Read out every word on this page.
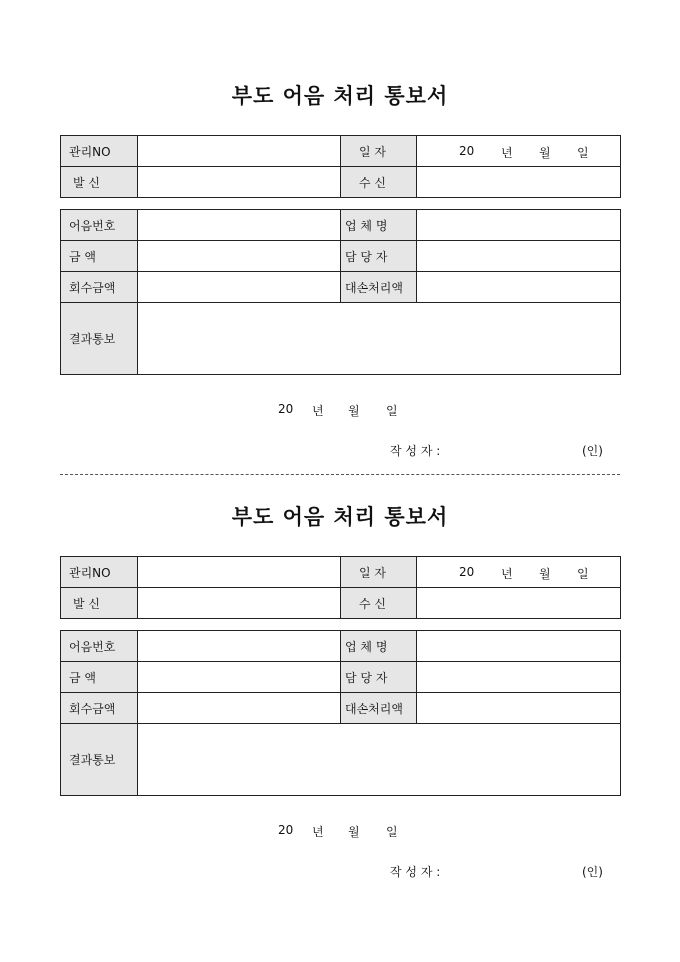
부도 어음 처리 통보서
관리NO		일 자	20 년 월 일

발 신		수 신	
어음번호		업 체 명	
금 액		담 당 자	
회수금액		대손처리액	
결과통보			
20 년 월 일
작 성 자 :	(인)
부도 어음 처리 통보서
관리NO		일 자	20 년 월 일

발 신		수 신	
어음번호		업 체 명	
금 액		담 당 자	
회수금액		대손처리액	
결과통보			
20 년 월 일
작 성 자 :	(인)
